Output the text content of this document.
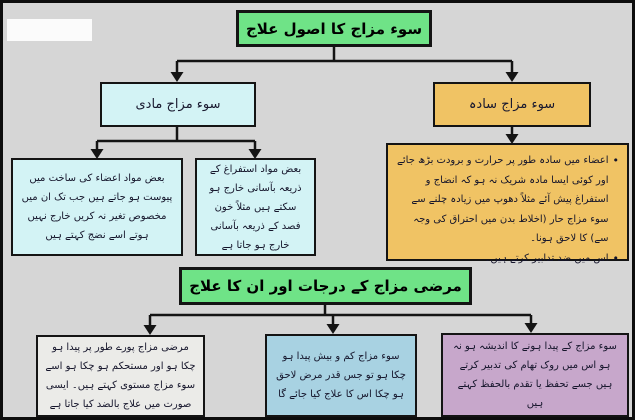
سوء مزاج کا اصول علاج
سوء مزاج مادی	سوء مزاج سادہ
بعض مواد اعضاء کی ساخت میں پیوست ہو جاتے ہیں جب تک ان میں مخصوص تغیر نہ کریں خارج نہیں ہوتے اسے نضج کہتے ہیں
بعض مواد استفراغ کے ذریعہ بآسانی خارج ہو سکتے ہیں مثلاً خون فصد کے ذریعہ بآسانی خارج ہو جاتا ہے
•
اعضاء میں سادہ طور پر حرارت و برودت بڑھ جائے اور کوئی ایسا مادہ شریک نہ ہو کہ انضاج و استفراغ پیش آئے مثلاً دھوپ میں زیادہ چلنے سے سوء مزاج حار (اخلاط بدن میں احتراق کی وجہ سے) کا لاحق ہونا۔
•
اس میں ضد تدابیر کرتے ہیں۔
مرضی مزاج کے درجات اور ان کا علاج
مرضی مزاج پورے طور پر پیدا ہو چکا ہو اور مستحکم ہو چکا ہو اسے سوء مزاج مستوی کہتے ہیں۔ ایسی صورت میں علاج بالضد کیا جاتا ہے
سوء مزاج کم و بیش پیدا ہو چکا ہو تو جس قدر مرض لاحق ہو چکا اس کا علاج کیا جائے گا
سوء مزاج کے پیدا ہونے کا اندیشہ ہو نہ ہو اس میں روک تھام کی تدبیر کرتے ہیں جسے تحفظ یا تقدم بالحفظ کہتے ہیں
